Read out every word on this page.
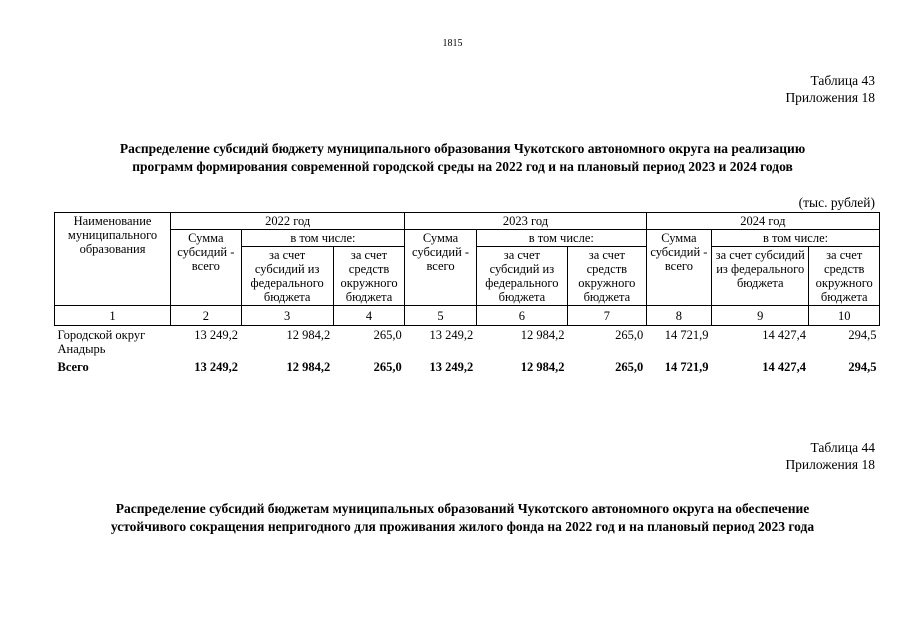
1815
Таблица 43
Приложения 18
Распределение субсидий бюджету муниципального образования Чукотского автономного округа на реализацию
программ формирования современной городской среды на 2022 год и на плановый период 2023 и 2024 годов
(тыс. рублей)
Наименование муниципального образования	2022 год			2023 год			2024 год		
	Сумма субсидий - всего	в том числе:		Сумма субсидий - всего	в том числе:		Сумма субсидий - всего	в том числе:	
		за счет субсидий из федерального бюджета	за счет средств окружного бюджета		за счет субсидий из федерального бюджета	за счет средств окружного бюджета		за счет субсидий из федерального бюджета	за счет средств окружного бюджета
1	2	3	4	5	6	7	8	9	10
Городской округ Анадырь	13 249,2	12 984,2	265,0	13 249,2	12 984,2	265,0	14 721,9	14 427,4	294,5
Всего	13 249,2	12 984,2	265,0	13 249,2	12 984,2	265,0	14 721,9	14 427,4	294,5
Таблица 44
Приложения 18
Распределение субсидий бюджетам муниципальных образований Чукотского автономного округа на обеспечение
устойчивого сокращения непригодного для проживания жилого фонда на 2022 год и на плановый период 2023 года
